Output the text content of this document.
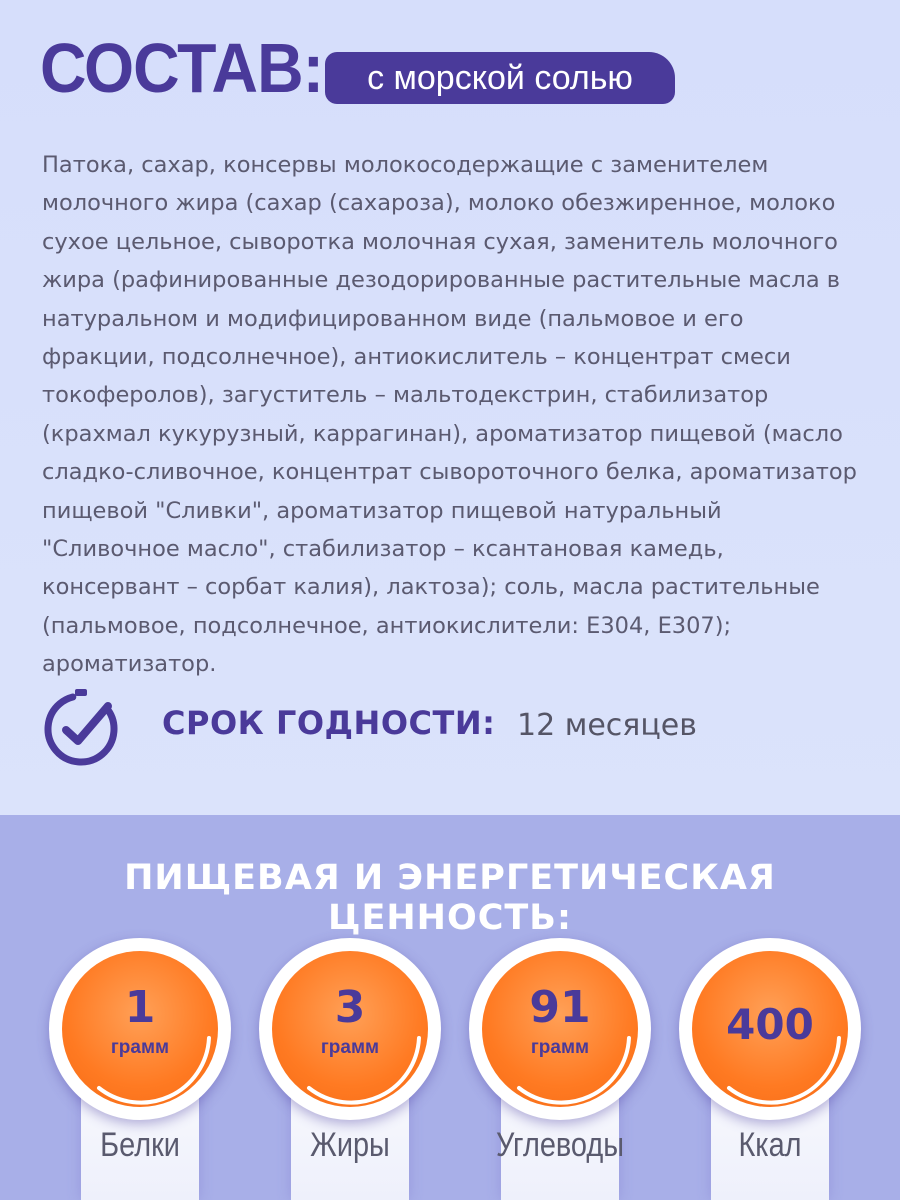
СОСТАВ:	с морской солью
Патока, сахар, консервы молокосодержащие с заменителем молочного жира (сахар (сахароза), молоко обезжиренное, молоко сухое цельное, сыворотка молочная сухая, заменитель молочного жира (рафинированные дезодорированные растительные масла в натуральном и модифицированном виде (пальмовое и его фракции, подсолнечное), антиокислитель – концентрат смеси токоферолов), загуститель – мальтодекстрин, стабилизатор (крахмал кукурузный, каррагинан), ароматизатор пищевой (масло сладко-сливочное, концентрат сывороточного белка, ароматизатор пищевой "Сливки", ароматизатор пищевой натуральный "Сливочное масло", стабилизатор – ксантановая камедь, консервант – сорбат калия), лактоза); соль, масла растительные (пальмовое, подсолнечное, антиокислители: Е304, Е307); ароматизатор.
СРОК ГОДНОСТИ: 12 месяцев
ПИЩЕВАЯ И ЭНЕРГЕТИЧЕСКАЯ ЦЕННОСТЬ:
1
грамм
Белки
3
грамм
Жиры
91
грамм
Углеводы
400
Ккал
